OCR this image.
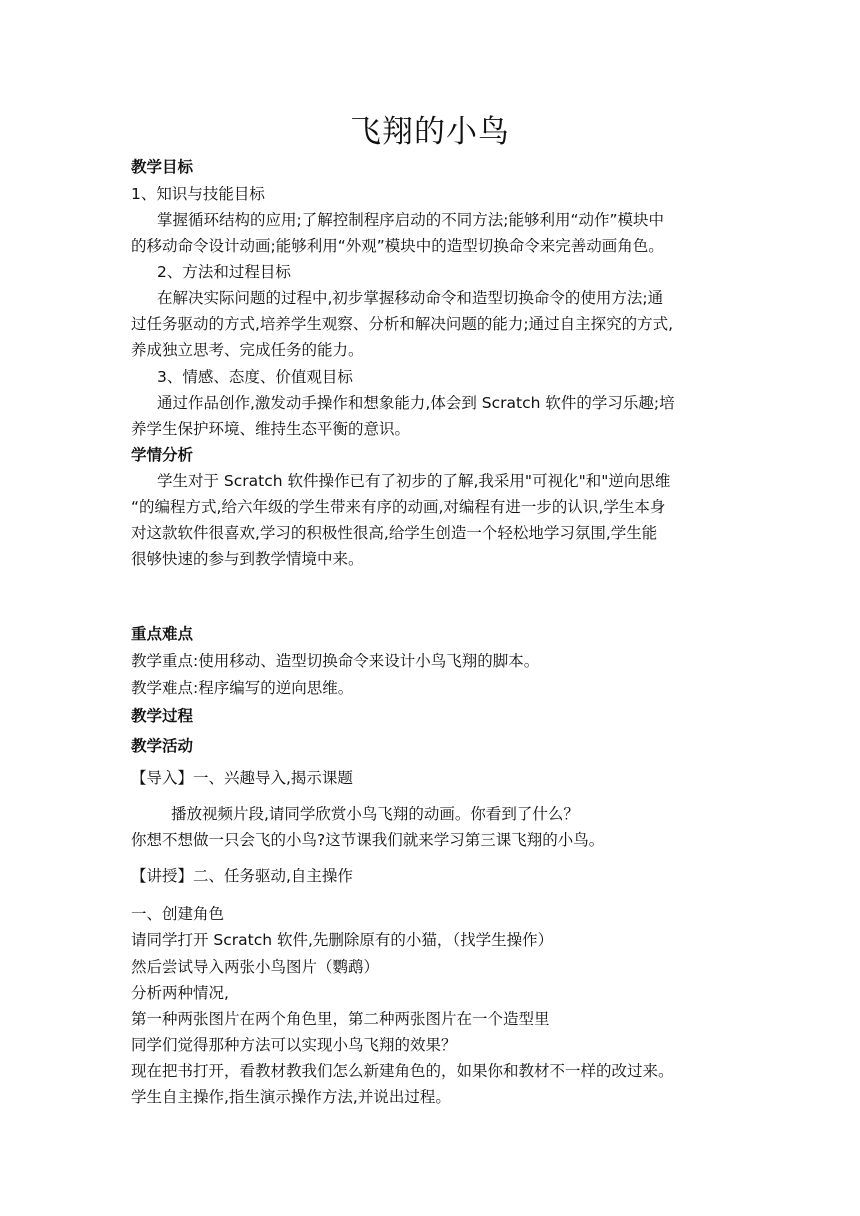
飞翔的小鸟
教学目标
1、知识与技能目标
掌握循环结构的应用;了解控制程序启动的不同方法;能够利用“动作”模块中
的移动命令设计动画;能够利用“外观”模块中的造型切换命令来完善动画角色。
2、方法和过程目标
在解决实际问题的过程中,初步掌握移动命令和造型切换命令的使用方法;通
过任务驱动的方式,培养学生观察、分析和解决问题的能力;通过自主探究的方式,
养成独立思考、完成任务的能力。
3、情感、态度、价值观目标
通过作品创作,激发动手操作和想象能力,体会到 Scratch 软件的学习乐趣;培
养学生保护环境、维持生态平衡的意识。
学情分析
学生对于 Scratch 软件操作已有了初步的了解,我采用"可视化"和"逆向思维
“的编程方式,给六年级的学生带来有序的动画,对编程有进一步的认识,学生本身
对这款软件很喜欢,学习的积极性很高,给学生创造一个轻松地学习氛围,学生能
很够快速的参与到教学情境中来。
重点难点
教学重点:使用移动、造型切换命令来设计小鸟飞翔的脚本。
教学难点:程序编写的逆向思维。
教学过程
教学活动
【导入】一、兴趣导入,揭示课题
播放视频片段,请同学欣赏小鸟飞翔的动画。你看到了什么？
你想不想做一只会飞的小鸟?这节课我们就来学习第三课飞翔的小鸟。
【讲授】二、任务驱动,自主操作
一、创建角色
请同学打开 Scratch 软件,先删除原有的小猫，（找学生操作）
然后尝试导入两张小鸟图片（鹦鹉）
分析两种情况,
第一种两张图片在两个角色里，第二种两张图片在一个造型里
同学们觉得那种方法可以实现小鸟飞翔的效果？
现在把书打开，看教材教我们怎么新建角色的，如果你和教材不一样的改过来。
学生自主操作,指生演示操作方法,并说出过程。
